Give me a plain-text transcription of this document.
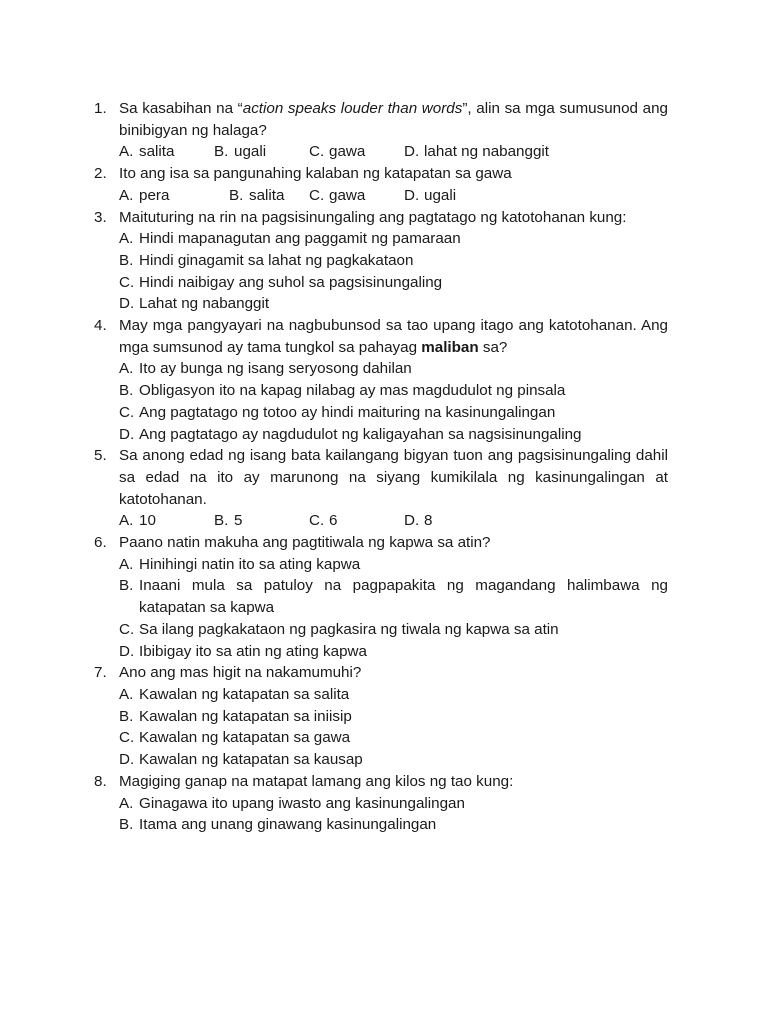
1. Sa kasabihan na “action speaks louder than words”, alin sa mga sumusunod ang binibigyan ng halaga?
A. salita	B. ugali	C. gawa	D. lahat ng nabanggit
2. Ito ang isa sa pangunahing kalaban ng katapatan sa gawa
A. pera	B. salita	C. gawa	D. ugali
3. Maituturing na rin na pagsisinungaling ang pagtatago ng katotohanan kung:
A. Hindi mapanagutan ang paggamit ng pamaraan
B. Hindi ginagamit sa lahat ng pagkakataon
C. Hindi naibigay ang suhol sa pagsisinungaling
D. Lahat ng nabanggit
4. May mga pangyayari na nagbubunsod sa tao upang itago ang katotohanan. Ang mga sumsunod ay tama tungkol sa pahayag maliban sa?
A. Ito ay bunga ng isang seryosong dahilan
B. Obligasyon ito na kapag nilabag ay mas magdudulot ng pinsala
C. Ang pagtatago ng totoo ay hindi maituring na kasinungalingan
D. Ang pagtatago ay nagdudulot ng kaligayahan sa nagsisinungaling
5. Sa anong edad ng isang bata kailangang bigyan tuon ang pagsisinungaling dahil sa edad na ito ay marunong na siyang kumikilala ng kasinungalingan at katotohanan.
A. 10	B. 5	C. 6	D. 8
6. Paano natin makuha ang pagtitiwala ng kapwa sa atin?
A. Hinihingi natin ito sa ating kapwa
B. Inaani mula sa patuloy na pagpapakita ng magandang halimbawa ng katapatan sa kapwa
C. Sa ilang pagkakataon ng pagkasira ng tiwala ng kapwa sa atin
D. Ibibigay ito sa atin ng ating kapwa
7. Ano ang mas higit na nakamumuhi?
A. Kawalan ng katapatan sa salita
B. Kawalan ng katapatan sa iniisip
C. Kawalan ng katapatan sa gawa
D. Kawalan ng katapatan sa kausap
8. Magiging ganap na matapat lamang ang kilos ng tao kung:
A. Ginagawa ito upang iwasto ang kasinungalingan
B. Itama ang unang ginawang kasinungalingan
